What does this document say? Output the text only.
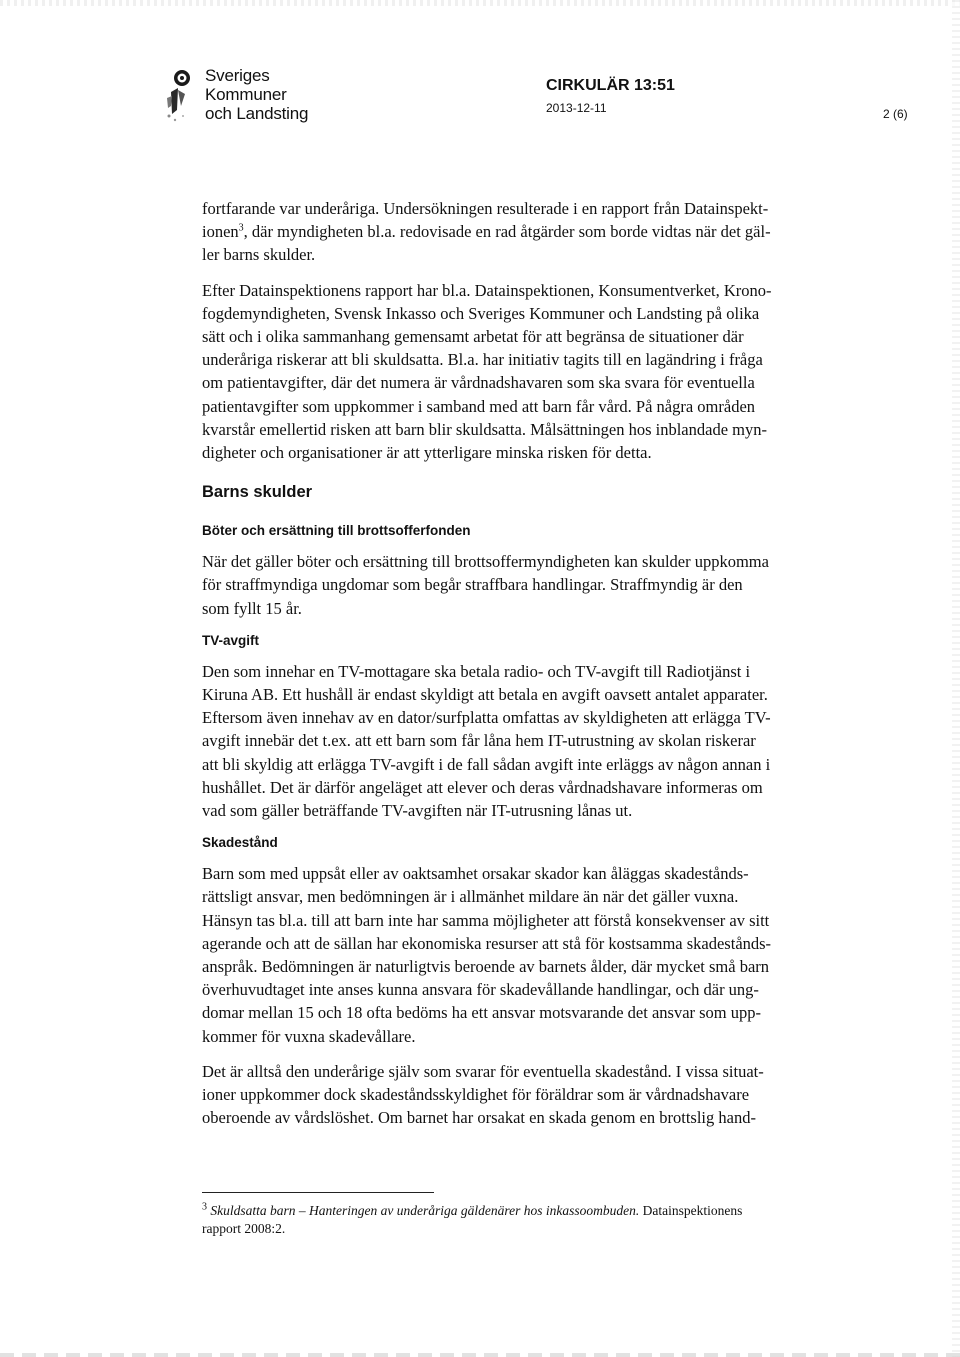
Sveriges
Kommuner
och Landsting
CIRKULÄR 13:51
2013-12-11	2 (6)

fortfarande var underåriga. Undersökningen resulterade i en rapport från Datainspekt-
ionen$^3$, där myndigheten bl.a. redovisade en rad åtgärder som borde vidtas när det gäl-
ler barns skulder.

Efter Datainspektionens rapport har bl.a. Datainspektionen, Konsumentverket, Krono-
fogdemyndigheten, Svensk Inkasso och Sveriges Kommuner och Landsting på olika
sätt och i olika sammanhang gemensamt arbetat för att begränsa de situationer där
underåriga riskerar att bli skuldsatta. Bl.a. har initiativ tagits till en lagändring i fråga
om patientavgifter, där det numera är vårdnadshavaren som ska svara för eventuella
patientavgifter som uppkommer i samband med att barn får vård. På några områden
kvarstår emellertid risken att barn blir skuldsatta. Målsättningen hos inblandade myn-
digheter och organisationer är att ytterligare minska risken för detta.

Barns skulder
Böter och ersättning till brottsofferfonden

När det gäller böter och ersättning till brottsoffermyndigheten kan skulder uppkomma
för straffmyndiga ungdomar som begår straffbara handlingar. Straffmyndig är den
som fyllt 15 år.

TV-avgift

Den som innehar en TV-mottagare ska betala radio- och TV-avgift till Radiotjänst i
Kiruna AB. Ett hushåll är endast skyldigt att betala en avgift oavsett antalet apparater.
Eftersom även innehav av en dator/surfplatta omfattas av skyldigheten att erlägga TV-
avgift innebär det t.ex. att ett barn som får låna hem IT-utrustning av skolan riskerar
att bli skyldig att erlägga TV-avgift i de fall sådan avgift inte erläggs av någon annan i
hushållet. Det är därför angeläget att elever och deras vårdnadshavare informeras om
vad som gäller beträffande TV-avgiften när IT-utrusning lånas ut.

Skadestånd

Barn som med uppsåt eller av oaktsamhet orsakar skador kan åläggas skadestånds-
rättsligt ansvar, men bedömningen är i allmänhet mildare än när det gäller vuxna.
Hänsyn tas bl.a. till att barn inte har samma möjligheter att förstå konsekvenser av sitt
agerande och att de sällan har ekonomiska resurser att stå för kostsamma skadestånds-
anspråk. Bedömningen är naturligtvis beroende av barnets ålder, där mycket små barn
överhuvudtaget inte anses kunna ansvara för skadevållande handlingar, och där ung-
domar mellan 15 och 18 ofta bedöms ha ett ansvar motsvarande det ansvar som upp-
kommer för vuxna skadevållare.

Det är alltså den underårige själv som svarar för eventuella skadestånd. I vissa situat-
ioner uppkommer dock skadeståndsskyldighet för föräldrar som är vårdnadshavare
oberoende av vårdslöshet. Om barnet har orsakat en skada genom en brottslig hand-

$^3$ Skuldsatta barn – Hanteringen av underåriga gäldenärer hos inkassoombuden. Datainspektionens
rapport 2008:2.
